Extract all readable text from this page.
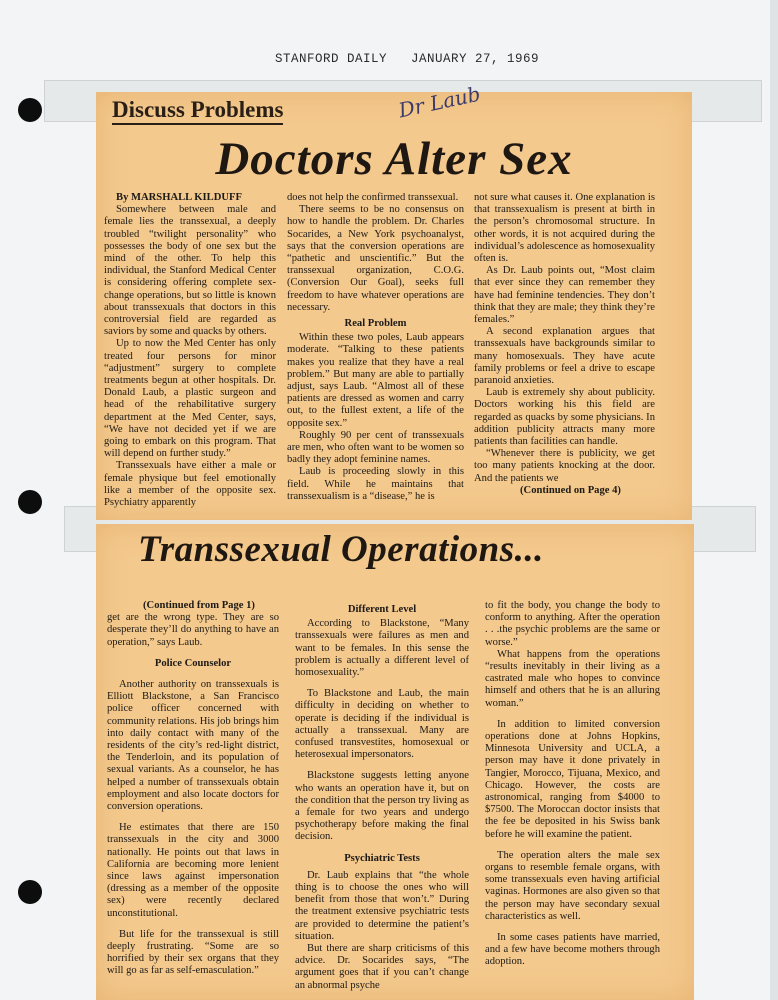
STANFORD DAILY   JANUARY 27, 1969
Discuss Problems	Dr Laub
Doctors Alter Sex

By MARSHALL KILDUFF

Somewhere between male and female lies the transsexual, a deeply troubled “twilight personality” who possesses the body of one sex but the mind of the other. To help this individual, the Stanford Medical Center is considering offering complete sex-change operations, but so little is known about transsexuals that doctors in this controversial field are regarded as saviors by some and quacks by others.

Up to now the Med Center has only treated four persons for minor “adjustment” surgery to complete treatments begun at other hospitals. Dr. Donald Laub, a plastic surgeon and head of the rehabilitative surgery department at the Med Center, says, “We have not decided yet if we are going to embark on this program. That will depend on further study.”

Transsexuals have either a male or female physique but feel emotionally like a member of the opposite sex. Psychiatry apparently

does not help the confirmed transsexual.

There seems to be no consensus on how to handle the problem. Dr. Charles Socarides, a New York psychoanalyst, says that the conversion operations are “pathetic and unscientific.” But the transsexual organization, C.O.G. (Conversion Our Goal), seeks full freedom to have whatever operations are necessary.

Real Problem

Within these two poles, Laub appears moderate. “Talking to these patients makes you realize that they have a real problem.” But many are able to partially adjust, says Laub. “Almost all of these patients are dressed as women and carry out, to the fullest extent, a life of the opposite sex.”

Roughly 90 per cent of transsexuals are men, who often want to be women so badly they adopt feminine names.

Laub is proceeding slowly in this field. While he maintains that transsexualism is a “disease,” he is

not sure what causes it. One explanation is that transsexualism is present at birth in the person’s chromosomal structure. In other words, it is not acquired during the individual’s adolescence as homosexuality often is.

As Dr. Laub points out, “Most claim that ever since they can remember they have had feminine tendencies. They don’t think that they are male; they think they’re females.”

A second explanation argues that transsexuals have backgrounds similar to many homosexuals. They have acute family problems or feel a drive to escape paranoid anxieties.

Laub is extremely shy about publicity. Doctors working his this field are regarded as quacks by some physicians. In addition publicity attracts many more patients than facilities can handle.

“Whenever there is publicity, we get too many patients knocking at the door. And the patients we

(Continued on Page 4)

Transsexual Operations...

(Continued from Page 1)

get are the wrong type. They are so desperate they’ll do anything to have an operation,” says Laub.

Police Counselor

Another authority on transsexuals is Elliott Blackstone, a San Francisco police officer concerned with community relations. His job brings him into daily contact with many of the residents of the city’s red-light district, the Tenderloin, and its population of sexual variants. As a counselor, he has helped a number of transsexuals obtain employment and also locate doctors for conversion operations.

He estimates that there are 150 transsexuals in the city and 3000 nationally. He points out that laws in California are becoming more lenient since laws against impersonation (dressing as a member of the opposite sex) were recently declared unconstitutional.

But life for the transsexual is still deeply frustrating. “Some are so horrified by their sex organs that they will go as far as self-emasculation.”

Different Level

According to Blackstone, “Many transsexuals were failures as men and want to be females. In this sense the problem is actually a different level of homosexuality.”

To Blackstone and Laub, the main difficulty in deciding on whether to operate is deciding if the individual is actually a transsexual. Many are confused transvestites, homosexual or heterosexual impersonators.

Blackstone suggests letting anyone who wants an operation have it, but on the condition that the person try living as a female for two years and undergo psychotherapy before making the final decision.

Psychiatric Tests

Dr. Laub explains that “the whole thing is to choose the ones who will benefit from those that won’t.” During the treatment extensive psychiatric tests are provided to determine the patient’s situation.

But there are sharp criticisms of this advice. Dr. Socarides says, “The argument goes that if you can’t change an abnormal psyche

to fit the body, you change the body to conform to anything. After the operation . . .the psychic problems are the same or worse.”

What happens from the operations “results inevitably in their living as a castrated male who hopes to convince himself and others that he is an alluring woman.”

In addition to limited conversion operations done at Johns Hopkins, Minnesota University and UCLA, a person may have it done privately in Tangier, Morocco, Tijuana, Mexico, and Chicago. However, the costs are astronomical, ranging from $4000 to $7500. The Moroccan doctor insists that the fee be deposited in his Swiss bank before he will examine the patient.

The operation alters the male sex organs to resemble female organs, with some transsexuals even having artificial vaginas. Hormones are also given so that the person may have secondary sexual characteristics as well.

In some cases patients have married, and a few have become mothers through adoption.
